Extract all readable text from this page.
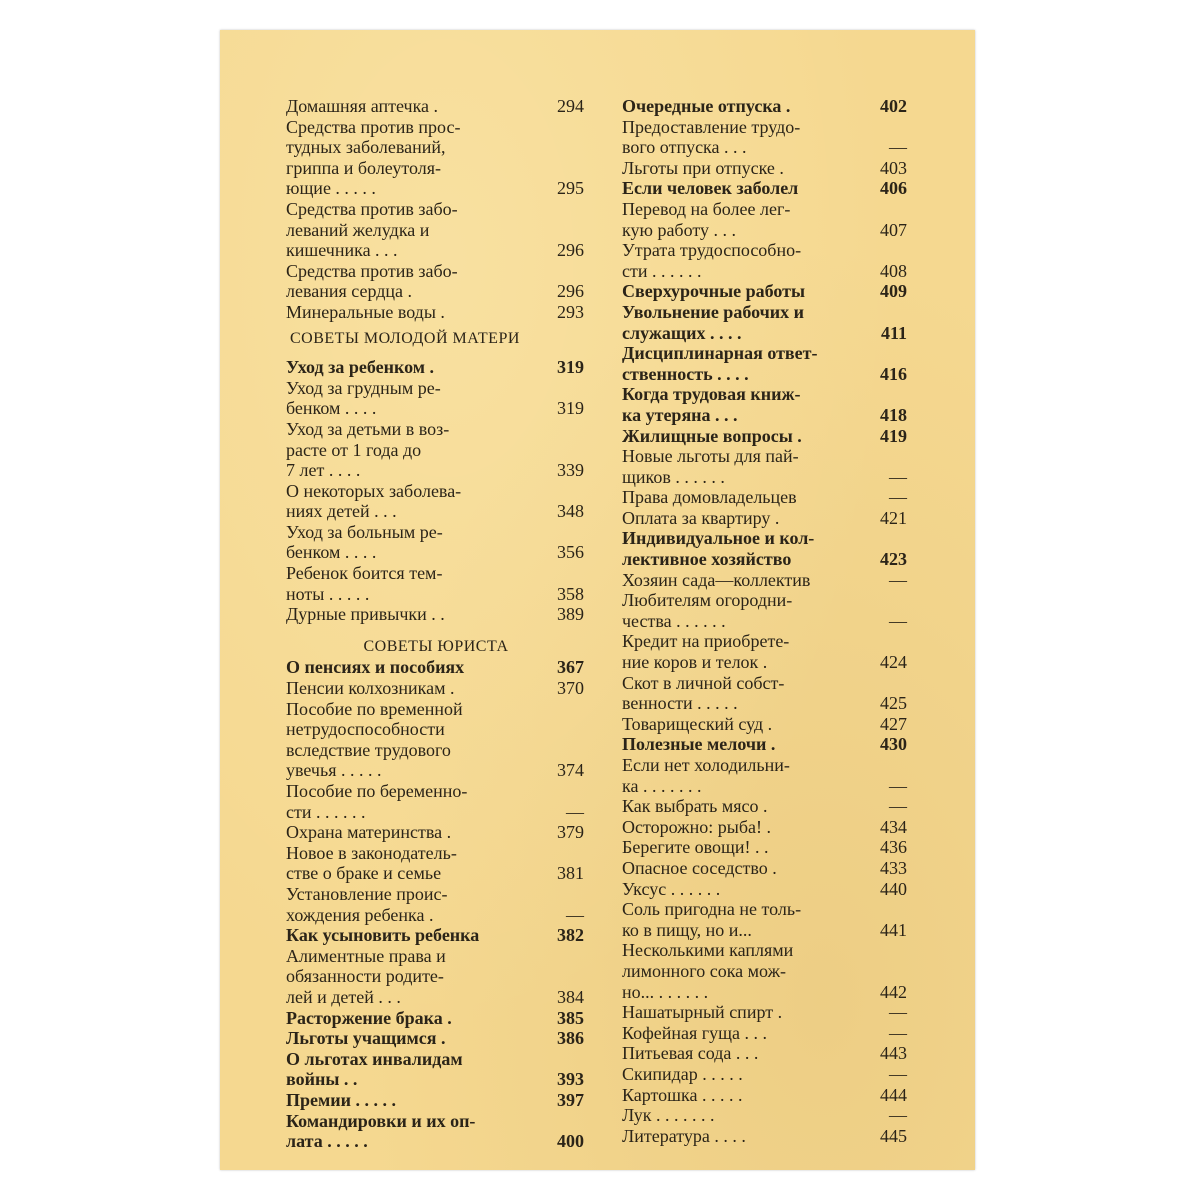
Домашняя аптечка .	294
Средства против прос-
тудных заболеваний,
гриппа и болеутоля-
ющие . . . . .	295
Средства против забо-
леваний желудка и
кишечника . . .	296
Средства против забо-
левания сердца .	296
Минеральные воды .	293
СОВЕТЫ МОЛОДОЙ МАТЕРИ
Уход за ребенком .	319
Уход за грудным ре-
бенком . . . .	319
Уход за детьми в воз-
расте от 1 года до
7 лет . . . .	339
О некоторых заболева-
ниях детей . . .	348
Уход за больным ре-
бенком . . . .	356
Ребенок боится тем-
ноты . . . . .	358
Дурные привычки . .	389
СОВЕТЫ ЮРИСТА
О пенсиях и пособиях	367
Пенсии колхозникам .	370
Пособие по временной
нетрудоспособности
вследствие трудового
увечья . . . . .	374
Пособие по беременно-
сти . . . . . .	—
Охрана материнства .	379
Новое в законодатель-
стве о браке и семье	381
Установление проис-
хождения ребенка .	—
Как усыновить ребенка	382
Алиментные права и
обязанности родите-
лей и детей . . .	384
Расторжение брака .	385
Льготы учащимся .	386
О льготах инвалидам
войны . .	393
Премии . . . . .	397
Командировки и их оп-
лата . . . . .	400
Очередные отпуска .	402
Предоставление трудо-
вого отпуска . . .	—
Льготы при отпуске .	403
Если человек заболел	406
Перевод на более лег-
кую работу . . .	407
Утрата трудоспособно-
сти . . . . . .	408
Сверхурочные работы	409
Увольнение рабочих и
служащих . . . .	411
Дисциплинарная ответ-
ственность . . . .	416
Когда трудовая книж-
ка утеряна . . .	418
Жилищные вопросы .	419
Новые льготы для пай-
щиков . . . . . .	—
Права домовладельцев	—
Оплата за квартиру .	421
Индивидуальное и кол-
лективное хозяйство	423
Хозяин сада—коллектив	—
Любителям огородни-
чества . . . . . .	—
Кредит на приобрете-
ние коров и телок .	424
Скот в личной собст-
венности . . . . .	425
Товарищеский суд .	427
Полезные мелочи .	430
Если нет холодильни-
ка . . . . . . .	—
Как выбрать мясо .	—
Осторожно: рыба! .	434
Берегите овощи! . .	436
Опасное соседство .	433
Уксус . . . . . .	440
Соль пригодна не толь-
ко в пищу, но и...	441
Несколькими каплями
лимонного сока мож-
но... . . . . . .	442
Нашатырный спирт .	—
Кофейная гуща . . .	—
Питьевая сода . . .	443
Скипидар . . . . .	—
Картошка . . . . .	444
Лук . . . . . . .	—
Литература . . . .	445
